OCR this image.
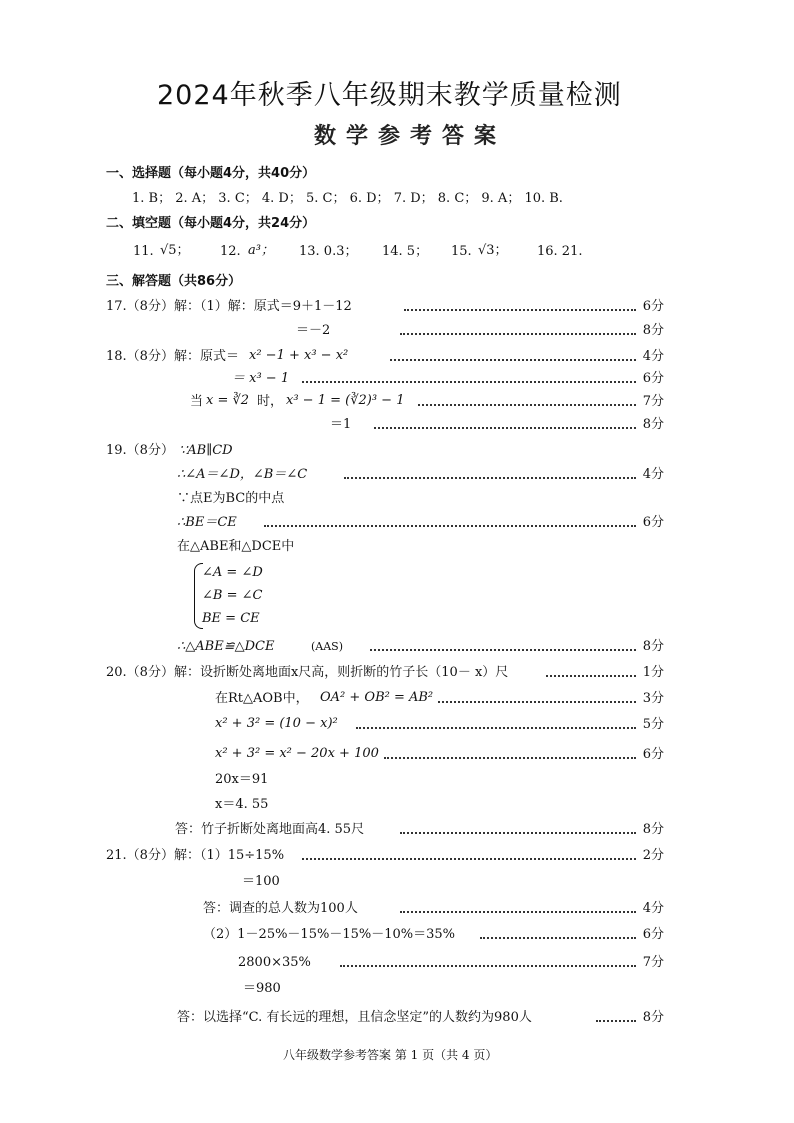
2024年秋季八年级期末教学质量检测
数学参考答案
一、选择题（每小题4分，共40分）
1. B； 2. A； 3. C； 4. D； 5. C； 6. D； 7. D； 8. C； 9. A； 10. B.
二、填空题（每小题4分，共24分）
11. √5； 12. a³； 13. 0.3； 14. 5； 15. √3； 16. 21.
三、解答题（共86分）
17.（8分）解：（1）解：原式＝9＋1－12	6分
＝－2	8分
18.（8分）解：原式＝ x² −1 + x³ − x²	4分
＝ x³ − 1	6分
当 x = ∛2 时， x³ − 1 = (∛2)³ − 1	7分
＝1	8分
19.（8分） ∵AB∥CD
∴∠A＝∠D，∠B＝∠C	4分
∵点E为BC的中点
∴BE＝CE	6分
在△ABE和△DCE中
∠A = ∠D
∠B = ∠C
BE = CE
∴△ABE≌△DCE	(AAS)	8分
20.（8分）解：设折断处离地面x尺高，则折断的竹子长（10－ x）尺	1分
在Rt△AOB中， OA² + OB² = AB²	3分
x² + 3² = (10 − x)²	5分
x² + 3² = x² − 20x + 100	6分
20x＝91
x＝4. 55
答：竹子折断处离地面高4. 55尺	8分
21.（8分）解：（1）15÷15%	2分
＝100
答：调查的总人数为100人	4分
（2）1－25%－15%－15%－10%＝35%	6分
2800×35%	7分
＝980
答：以选择“C. 有长远的理想，且信念坚定”的人数约为980人	8分
八年级数学参考答案 第 1 页（共 4 页）
